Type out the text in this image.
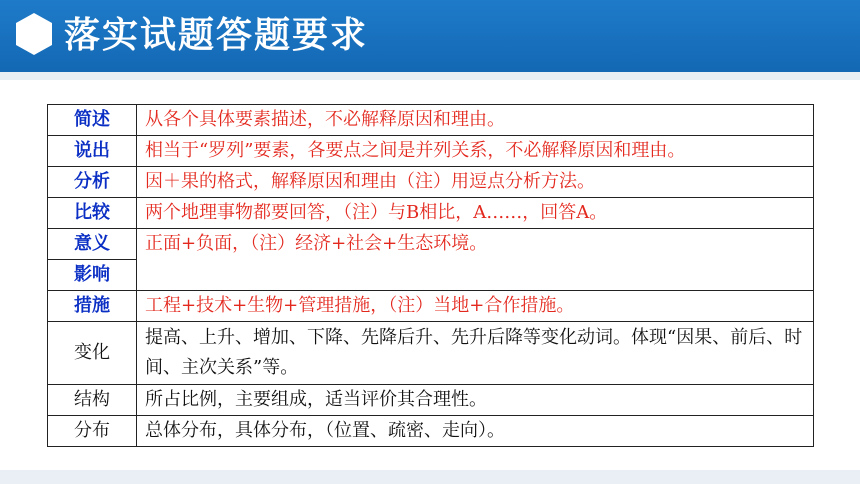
落实试题答题要求
简述	从各个具体要素描述，不必解释原因和理由。
说出	相当于“罗列”要素，各要点之间是并列关系，不必解释原因和理由。
分析	因＋果的格式，解释原因和理由（注）用逗点分析方法。
比较	两个地理事物都要回答，（注）与B相比，A……，回答A。
意义	正面+负面，（注）经济+社会+生态环境。
影响	
措施	工程+技术+生物+管理措施，（注）当地+合作措施。
变化	提高、上升、增加、下降、先降后升、先升后降等变化动词。体现“因果、前后、时间、主次关系”等。
结构	所占比例，主要组成，适当评价其合理性。
分布	总体分布，具体分布，（位置、疏密、走向）。
